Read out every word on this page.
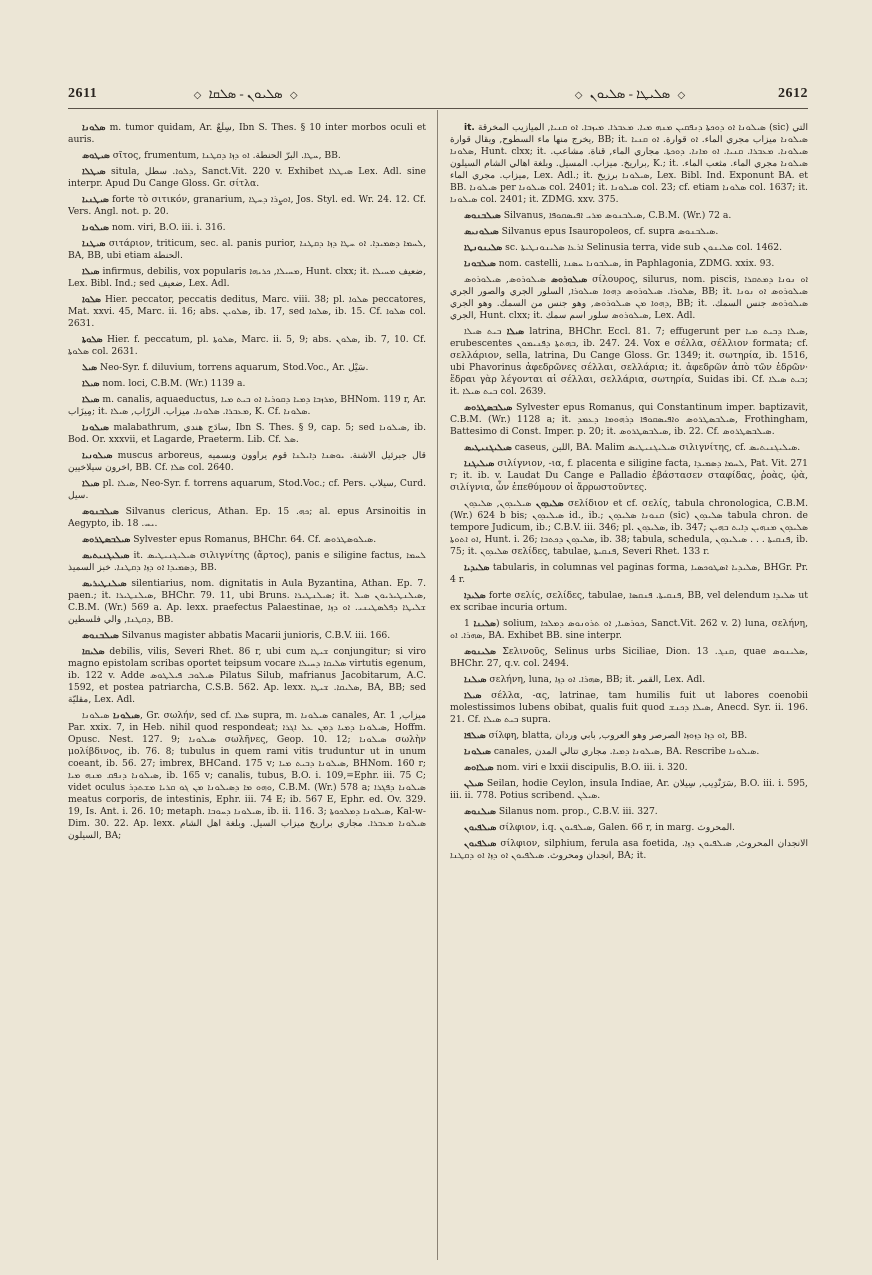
2611	◇ ܣܠܝܘܢ - ܣܠܩܐ ◇	◇ ܣܠܝܛܐ - ܣܠܝܘܢ ◇	2612

ܣܠܘܢܐ m. tumor quidam, Ar. سِلْعٌ, Ibn S. Thes. § 10 inter morbos oculi et auris.

ܣܝܛܘܣ σῖτος, frumentum, ܚܛܐ. البرّ الحنطة. ܐܘ ܕܙܐ ܕܩܛܢܐ, BB.

ܣܝܛܠܐ situla, ܕܠܘܐ. سطل, Sanct.Vit. 220 v. Exhibet ܣܝܛܠܐ Lex. Adl. sine interpr. Apud Du Cange Gloss. Gr. σίτλα.

ܣܝܛܢܝܐ forte τὸ σιτικόν, granarium, ܐܘܨܪܐ ܕܚܛܐ, Jos. Styl. ed. Wr. 24. 12. Cf. Vers. Angl. not. p. 20.

ܣܝܠܘܢܐ nom. viri, B.O. iii. i. 316.

ܣܝܛܢܐ σιτάριον, triticum, sec. al. panis purior, ܠܚܡܐ ܕܣܡܝܕܐ. ܐܘ ܚܛܐ ܕܙܐ ܕܩܛܢܐ, BA, BB, ubi etiam الحنطة.

ܣܝܠܐ infirmus, debilis, vox popularis ܡܚܝܠܐ, ܟܪܝܗܐ, Hunt. clxx; it. ضعيف ܡܚܝܠܐ, Lex. Bibl. Ind.; sed ضعيف, Lex. Adl.

ܣܠܘܐ Hier. peccator, peccatis deditus, Marc. viii. 38; pl. ܣܠܘܐ peccatores, Mat. xxvi. 45, Marc. ii. 16; abs. ܣܠܘܝܢ, ib. 17, sed ܣܠܘܐ, ib. 15. Cf. ܣܠܘܐ col. 2631.

ܣܠܘܬܐ Hier. f. peccatum, pl. ܣܠܘܬܐ, Marc. ii. 5, 9; abs. ܣܠܘܢ, ib. 7, 10. Cf. ܣܠܘܬܐ col. 2631.

ܣܝܠ Neo-Syr. f. diluvium, torrens aquarum, Stod.Voc., Ar. سَيْل.

ܣܝܠܐ nom. loci, C.B.M. (Wr.) 1139 a.

ܣܝܠܐ m. canalis, aquaeductus, ܡܪܙܒܐ ܕܡܝܐ ܕܩܘܪܝܐ ܐܘ ܒܝܬ ܡܝܐ, BHNom. 119 r, Ar. مِيزَاب; it. ܡܥܒܪܐ. ܣܠܘܢܐ. ميزاب. الزرّاب, ܣܝܠܐ, K. Cf. ܣܠܘܢܐ.

ܣܝܠܘܢܐ malabathrum, سادَج هندي, Ibn S. Thes. § 9, cap. 5; sed ܣܝܠܘܢܐ, ib. Bod. Or. xxxvii, et Lagarde, Praeterm. Lib. Cf. ܣܠ.

ܣܝܠܘܢܝܐ muscus arboreus, قال جبرئيل الاشنة. ܝܘܣܢܐ ܕܐܝܠܢܐ قوم يراوون وبسميه اخرون سيلاخيين, BB. Cf. ܣܠܐ col. 2640.

ܣܝܠܐ pl. ܣܝܠܐ, Neo-Syr. f. torrens aquarum, Stod.Voc.; cf. Pers. سيلاب, Curd. سيل.

ܣܝܠܒܢܘܣ Silvanus clericus, Athan. Ep. ܟܗ. 15; al. epus Arsinoitis in Aegypto, ib. ܝܚ. 18.

ܣܝܠܒܣܛܪܘܣ Sylvester epus Romanus, BHChr. 64. Cf. ܣܝܠܘܣܛܪܘܣ.

ܣܝܠܝܓܢܝܬܝܣ it. ܣܝܠܝܓܢܝܛܝܣ σιλιγνίτης (ἄρτος), panis e siligine factus, ܠܚܡܐ ܕܣܡܝܕܐ ܐܘ ܕܙܐ ܕܩܛܢܐ. خبز السميذ, BB.

ܣܝܠܢܛܝܪܝܣ silentiarius, nom. dignitatis in Aula Byzantina, Athan. Ep. 7. paen.; it. ܣܝܠܢܛܝܪܐ, BHChr. 79. 11, ubi Bruns. ܣܝܠܢܛܝܪܐ; it. ܣܝܠܢܛܝܪܝܘܢ ܣܝܠ, C.B.M. (Wr.) 569 a. Ap. lexx. praefectus Palaestinae, ܫܠܝܛܐ ܕܦܠܣܛܝܢܝ. ܐܘ ܕܙܐ ܕܩܛܢܐ, والي فلسطين, BB.

ܣܝܠܒܢܘܣ Silvanus magister abbatis Macarii junioris, C.B.V. iii. 166.

ܣܠܝܩܐ debilis, vilis, Severi Rhet. 86 r, ubi cum ܫܝܛܐ conjungitur; si viro magno epistolam scribas oportet teipsum vocare ܣܠܝܩܐ ܕܚܝܠܐ virtutis egenum, ib. 122 v. Adde ܣܝܠܘܒ ܦܝܠܛܘܣ Pilatus Silub, mafrianus Jacobitarum, A.C. 1592, et postea patriarcha, C.S.B. 562. Ap. lexx. ܣܠܝܩܐ. ܫܝܛܐ, BA, BB; sed مقليّة, Lex. Adl.

ܣܝܠܘܢܐ ܣܝܠܘܢܐ, Gr. σωλήν, sed cf. ܣܠܐ supra, m. ܣܝܠܘܢܐ canales, Ar. ميزاب, 1 Par. xxix. 7, in Heb. nihil quod respondeat; ܣܝܠܘܢܐ ܕܡܝܐ ܕܡܢ ܥܠ ܐܓܪܐ, Hoffm. Opusc. Nest. 127. 9; ܣܝܠܘܢܐ σωλῆνες, Geop. 10. 12; ܣܝܠܘܢܐ σωλὴν μολίβδινος, ib. 76. 8; tubulus in quem rami vitis truduntur ut in unum coeant, ib. 56. 27; imbrex, BHCand. 175 v; ܣܝܠܘܢܐ ܕܒܝܬ ܡܝܐ, BHNom. 160 r; ܣܝܠܘܢܐ ܕܢܦܩ ܡܢܗ ܡܝܐ, ib. 165 v; canalis, tubus, B.O. i. 109,=Ephr. iii. 75 C; videt oculus ܘܗܘ ܡܐ ܕܣܝܠܘܢܐ ܡܢ ܓܘ ܩܪܝܐ ܡܫܬܕܪ, C.B.M. (Wr.) 578 a; ܣܝܠܘܢܐ ܕܦܓܪܐ meatus corporis, de intestinis, Ephr. iii. 74 E; ib. 567 E, Ephr. ed. Ov. 329. 19, Is. Ant. i. 26. 10; metaph. ܣܝܠܘܢܐ ܕܚܘܒܐ, ib. ii. 116. 3; ܣܝܠܘܢܐ ܕܡܠܟܘܬܐ, Kal-w-Dim. 30. 22. Ap. lexx. ܣܝܠܘܢܐ ܡܥܒܪܐ. مجاري براريخ ميزاب السيل. وبلغة اهل الشام السيلون, BA;

it. ܣܝܠܘܢܐ ܐܘ ܕܘܟܬܐ ܕܢܦܩܝܢ ܡܢܗ ܡܝܐ. ܡܥܒܪܐ. ܡܝܙܒܐ. ܐܘ ܩܢܝܐ, الميازيب المخرقة (sic) التي يخرج منها ماء السطوح, ويقال قوارة, BB; it. ܣܝܠܘܢܐ ميزاب مجري الماء. ܐܘ قوارة. ܐܘ ܩܢܝܐ ܣܠܘܢܐ, Hunt. clxx; it. ܣܝܠܘܢܐ. ܡܥܒܪܐ. ܩܢܝܐ. ܐܘ ܡܐܢܐ. ܕܘܟܬܐ. مجاري الماء, قناة. مشاعب. براريخ. ميزاب. المسيل. وبلغة اهالي الشام السيلون, K.; it. ܣܝܠܘܢܐ مجري الماء. مثعب الماء. ميزاب. مجري الماء, Lex. Adl.; it. ܣܝܠܘܢܐ برزيخ, Lex. Bibl. Ind. Exponunt BA. et BB. ܣܝܠܘܢܐ per ܣܝܠܘܢܐ col. 2401; it. ܣܝܠܘܢܐ col. 23; cf. etiam ܣܠܘܢܐ col. 1637; it. ܣܝܠܘܢܐ col. 2401; it. ZDMG. xxv. 375.

ܣܝܠܒܢܘܣ Silvanus, ܣܝܠܒܢܘܣ ܡܪܝ ܐܦܝܣܩܘܦܐ, C.B.M. (Wr.) 72 a.

ܣܝܠܘܢܝܣ Silvanus epus Isauropoleos, cf. supra ܣܝܠܒܢܘܣ.

ܣܠܝܢܘܢܛܐ sc. ܐܪܥܐ ܣܠܝܢܘܢܛܝܬܐ Selinusia terra, vide sub ܣܠܝܢܘܢ col. 1462.

ܣܝܠܒܘܢܐ nom. castelli, ܣܝܠܒܘܢܐ ܚܣܢܐ, in Paphlagonia, ZDMG. xxix. 93.

ܣܝܠܘܪܘܣ ܣܝܠܘܪܘܣ, ܣܝܠܘܪܘܣ σίλουρος, silurus, nom. piscis, ܐܘ ܢܘܢܐ ܕܡܬܩܪܐ ܣܠܘܪܐ. ܣܝܠܘܪܘܣ ܕܗܘܐ ܣܝܠܘܪܐ, السلور الجري والصور الجري, BB; it. ܣܝܠܘܪܘܣ ܐܘ ܢܘܢܐ ܕܗܘܐ ܡܢ ܣܝܠܘܪܘܣ, وهو جنس من السمك. وهو الجري, BB; it. ܣܝܠܘܪܘܣ جنس السمك. الجري, Hunt. clxx; it. ܣܝܠܘܪܘܣ سلور اسم سمك, Lex. Adl.

ܣܝܠܐ ܒܝܬ ܣܝܠܐ latrina, BHChr. Eccl. 81. 7; effugerunt per ܣܝܠܐ ܕܒܝܬ ܡܝܐ, erubescentes ܒܗܬܬܐ ܕܦܢܝܡܘܢ, ib. 247. 24. Vox e σέλλα, σέλλιον formata; cf. σελλάριον, sella, latrina, Du Cange Gloss. Gr. 1349; it. σωτηρία, ib. 1516, ubi Phavorinus ἀφεδρῶνες σέλλαι, σελλάρια; it. ἀφεδρῶν ἀπὸ τῶν ἑδρῶν· ἕδραι γὰρ λέγονται αἱ σέλλαι, σελλάρια, σωτηρία, Suidas ibi. Cf. ܒܝܬ ܣܝܠܐ; it. ܒܝܬ ܣܝܠܐ col. 2639.

ܣܝܠܒܣܛܪܘܣ Sylvester epus Romanus, qui Constantinum imper. baptizavit, C.B.M. (Wr.) 1128 a; it. ܣܝܠܒܣܛܪܘܣ ܘܐܦܝܣܩܘܦܐ ܕܪܗܘܡܐ ܕܥܡܕ, Frothingham, Battesimo di Const. Imper. p. 20; it. ܣܝܠܒܣܛܪܘܣ, ib. 22. Cf. ܣܝܠܒܣܛܪܘܣ.

ܣܝܠܝܓܢܝܛܝܣ caseus, اللبن, BA. Malim ܣܝܠܝܓܢܝܛܝܣ σιλιγνίτης, cf. ܣܝܠܝܓܢܝܬܝܣ.

ܣܝܠܝܓܢܐ σιλίγνιον, -ια, f. placenta e siligine facta, ܠܚܡܐ ܕܣܡܝܕܐ, Pat. Vit. 271 r; it. ib. v. Laudat Du Cange e Palladio ἐβάστασεν σταφίδας, ῥοὰς, ᾠὰ, σιλίγνια, ὧν ἐπεθύμουν οἱ ἄρρωστοῦντες.

ܣܠܝܕܘܢ ܣܝܠܝܕܘܢ, ܣܠܝܕܘܢ σελίδιον et cf. σελίς, tabula chronologica, C.B.M. (Wr.) 624 b bis; ܣܝܠܝܕܘܢ id., ib.; ܩܢܘܢܐ ܣܠܝܕܘܢ (sic) ܣܠܝܕܘܢ tabula chron. de tempore Judicum, ib.; C.B.V. iii. 346; pl. ܣܠܝܕܘܢ, ib. 347; ܣܠܝܕܘܢ ܡܢܗܝܢ ܕܐܝܬ ܒܗܝܢ ܐܘ ܐܬܘܬܐ, Hunt. i. 26; ܣܠܝܕܘܢ ܕܟܬܒܐ, ib. 38; tabula, schedula, ܦܢܩܝܬܐ . . . ܣܝܠܝܕܘܢ, ib. 75; it. ܣܠܝܕܘܢ σελίδες, tabulae, ܦܢܩܝܬܐ, Severi Rhet. 133 r.

ܣܠܝܕܝܐ tabularis, in columnas vel paginas forma, ܣܠܝܕܝܐ ܐܣܛܘܟܣܝܐ, BHGr. Pr. 4 r.

ܣܠܝܕܐ forte σελίς, σελίδες, tabulae, ܦܢܩܝܬܐ. ܦܢܩܣܐ, BB, vel delendum ܣܠܝܕܐ ut ex scribae incuria ortum.

ܣܠܝܢܐ 1) solium, ܟܘܪܣܝܐ, ܐܘ ܬܪܘܢܘܣ ܕܡܠܟܐ, Sanct.Vit. 262 v. 2) luna, σελήνη, ܣܗܪܐ. ܐܘ, BA. Exhibet BB. sine interpr.

ܣܠܝܢܘܣ Σελινοῦς, Selinus urbs Siciliae, Dion. ܩܢܓ. 13, quae ܣܠܝܢܘܣ, BHChr. 27, q.v. col. 2494.

ܣܝܠܢܐ σελήνη, luna, ܣܗܪܐ. ܐܘ ܕܙܐ, BB; it. القمر, Lex. Adl.

ܣܝܠܐ σέλλα, -ας, latrinae, tam humilis fuit ut labores coenobii molestissimos lubens obibat, qualis fuit quod ܣܝܠܐ ܕܟܢܫ, Anecd. Syr. ii. 196. 21. Cf. ܒܝܬ ܣܝܠܐ supra.

ܣܝܠܦܐ σίλφη, blatta, ܐܘ ܕܙܐ ܕܙܘܙܐ الصرصر وهو العروب, بابي وردان, BB.

ܣܝܠܘܢܐ canales, ܣܝܠܘܢܐ ܕܡܝܐ. مجاري تتالي المدن, BA. Rescribe ܣܝܠܘܢܐ.

ܣܝܠܐܘܣ nom. viri e lxxii discipulis, B.O. iii. i. 320.

ܣܝܠܢ Seilan, hodie Ceylon, insula Indiae, Ar. سَرَنْدِيب, سِيلان, B.O. iii. i. 595, iii. ii. 778. Potius scribend. ܣܝܠܢ.

ܣܝܠܢܘܣ Silanus nom. prop., C.B.V. iii. 327.

ܣܝܠܦܝܘܢ σίλφιον, i.q. ܣܝܠܦܝܘܢ, Galen. 66 r, in marg. المحروث.

ܣܝܠܦܝܘܢ σίλφιον, silphium, ferula asa foetida, الانجدان المحروث, ܣܝܠܦܝܘܢ ܕܙܐ. انجدان ومحروث. ܣܝܠܦܝܘܢ ܐܘ ܕܙܐ ܐܘ ܕܩܛܢܐ, BA; it.
